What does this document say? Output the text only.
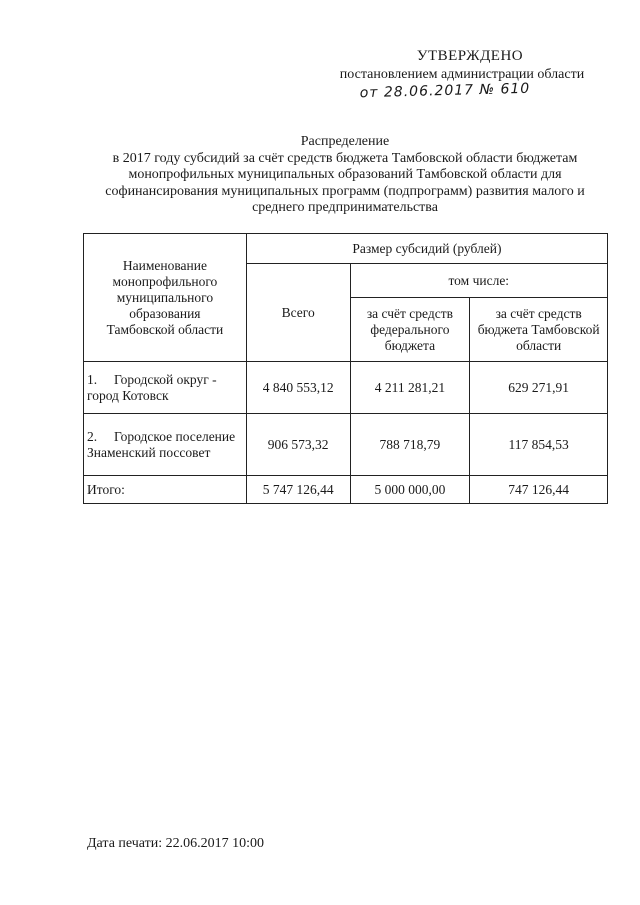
УТВЕРЖДЕНО
постановлением администрации области
от 28.06.2017 № 610
Распределение
в 2017 году субсидий за счёт средств бюджета Тамбовской области бюджетам
монопрофильных муниципальных образований Тамбовской области для
софинансирования муниципальных программ (подпрограмм) развития малого и
среднего предпринимательства
Наименование монопрофильного муниципального образования Тамбовской области	Размер субсидий (рублей)		
	Всего	том числе:	
		за счёт средств федерального бюджета	за счёт средств бюджета Тамбовской области
1. Городской округ - город Котовск	4 840 553,12	4 211 281,21	629 271,91
2. Городское поселение Знаменский поссовет	906 573,32	788 718,79	117 854,53
Итого:	5 747 126,44	5 000 000,00	747 126,44
Дата печати: 22.06.2017 10:00
